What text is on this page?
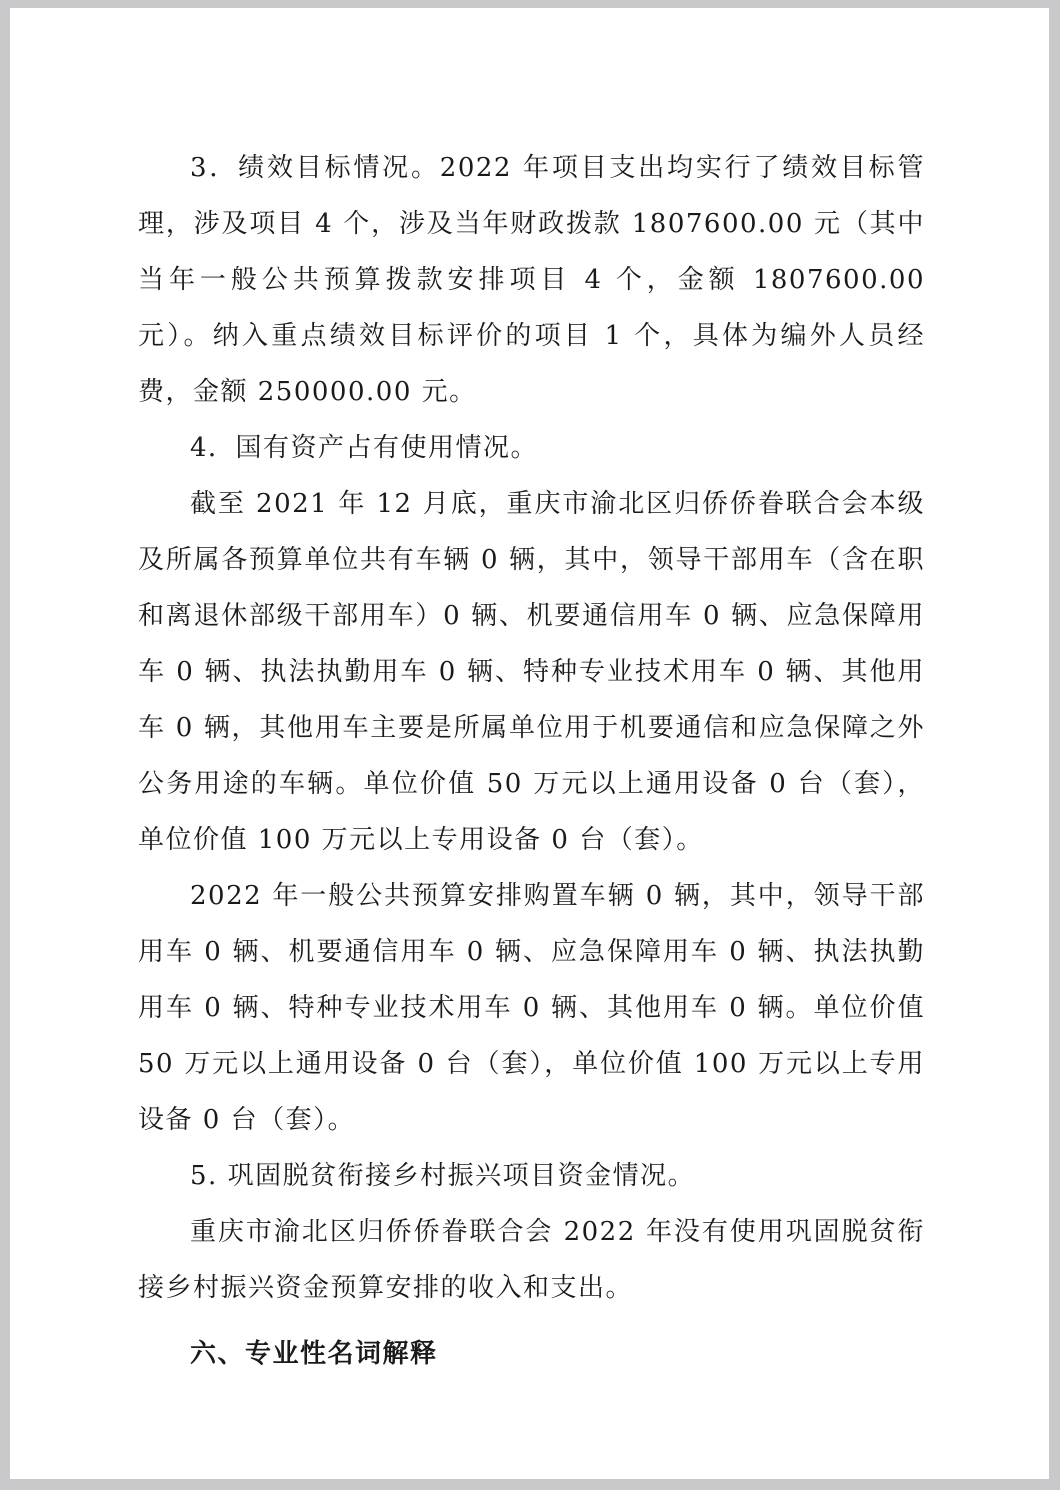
3．绩效目标情况。2022 年项目支出均实行了绩效目标管理，涉及项目 4 个，涉及当年财政拨款 1807600.00 元（其中当年一般公共预算拨款安排项目 4 个，金额 1807600.00 元）。纳入重点绩效目标评价的项目 1 个，具体为编外人员经费，金额 250000.00 元。

4．国有资产占有使用情况。

截至 2021 年 12 月底，重庆市渝北区归侨侨眷联合会本级及所属各预算单位共有车辆 0 辆，其中，领导干部用车（含在职和离退休部级干部用车）0 辆、机要通信用车 0 辆、应急保障用车 0 辆、执法执勤用车 0 辆、特种专业技术用车 0 辆、其他用车 0 辆，其他用车主要是所属单位用于机要通信和应急保障之外公务用途的车辆。单位价值 50 万元以上通用设备 0 台（套），单位价值 100 万元以上专用设备 0 台（套）。

2022 年一般公共预算安排购置车辆 0 辆，其中，领导干部用车 0 辆、机要通信用车 0 辆、应急保障用车 0 辆、执法执勤用车 0 辆、特种专业技术用车 0 辆、其他用车 0 辆。单位价值 50 万元以上通用设备 0 台（套），单位价值 100 万元以上专用设备 0 台（套）。

5. 巩固脱贫衔接乡村振兴项目资金情况。

重庆市渝北区归侨侨眷联合会 2022 年没有使用巩固脱贫衔接乡村振兴资金预算安排的收入和支出。

六、专业性名词解释
